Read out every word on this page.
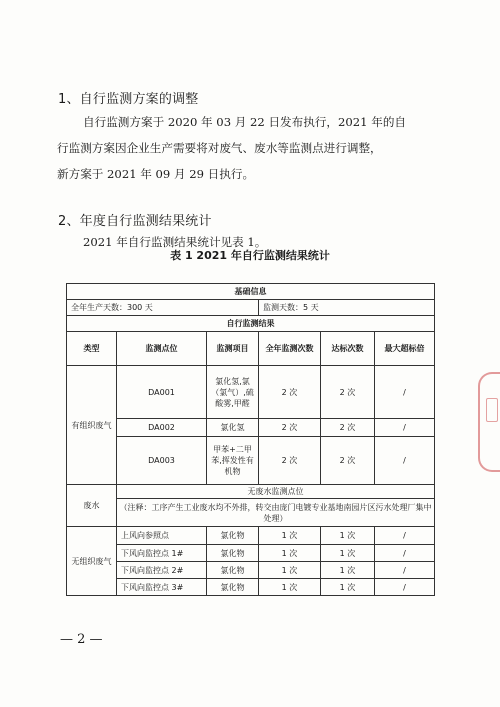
1、自行监测方案的调整
自行监测方案于 2020 年 03 月 22 日发布执行，2021 年的自
行监测方案因企业生产需要将对废气、废水等监测点进行调整，
新方案于 2021 年 09 月 29 日执行。
2、年度自行监测结果统计
2021 年自行监测结果统计见表 1。
表 1 2021 年自行监测结果统计
基础信息					
全年生产天数：300 天			监测天数：5 天		
自行监测结果					
类型	监测点位	监测项目	全年监测次数	达标次数	最大超标倍
有组织废气	DA001	氯化氢,氯（氯气）,硫酸雾,甲醛	2 次	2 次	/
	DA002	氯化氢	2 次	2 次	/
	DA003	甲苯+二甲苯,挥发性有机物	2 次	2 次	/
废水	无废水监测点位				
	（注释：工序产生工业废水均不外排，转交由庞门电镀专业基地南园片区污水处理厂集中处理）				
无组织废气	上风向参照点	氯化物	1 次	1 次	/
	下风向监控点 1#	氯化物	1 次	1 次	/
	下风向监控点 2#	氯化物	1 次	1 次	/
	下风向监控点 3#	氯化物	1 次	1 次	/
— 2 —
